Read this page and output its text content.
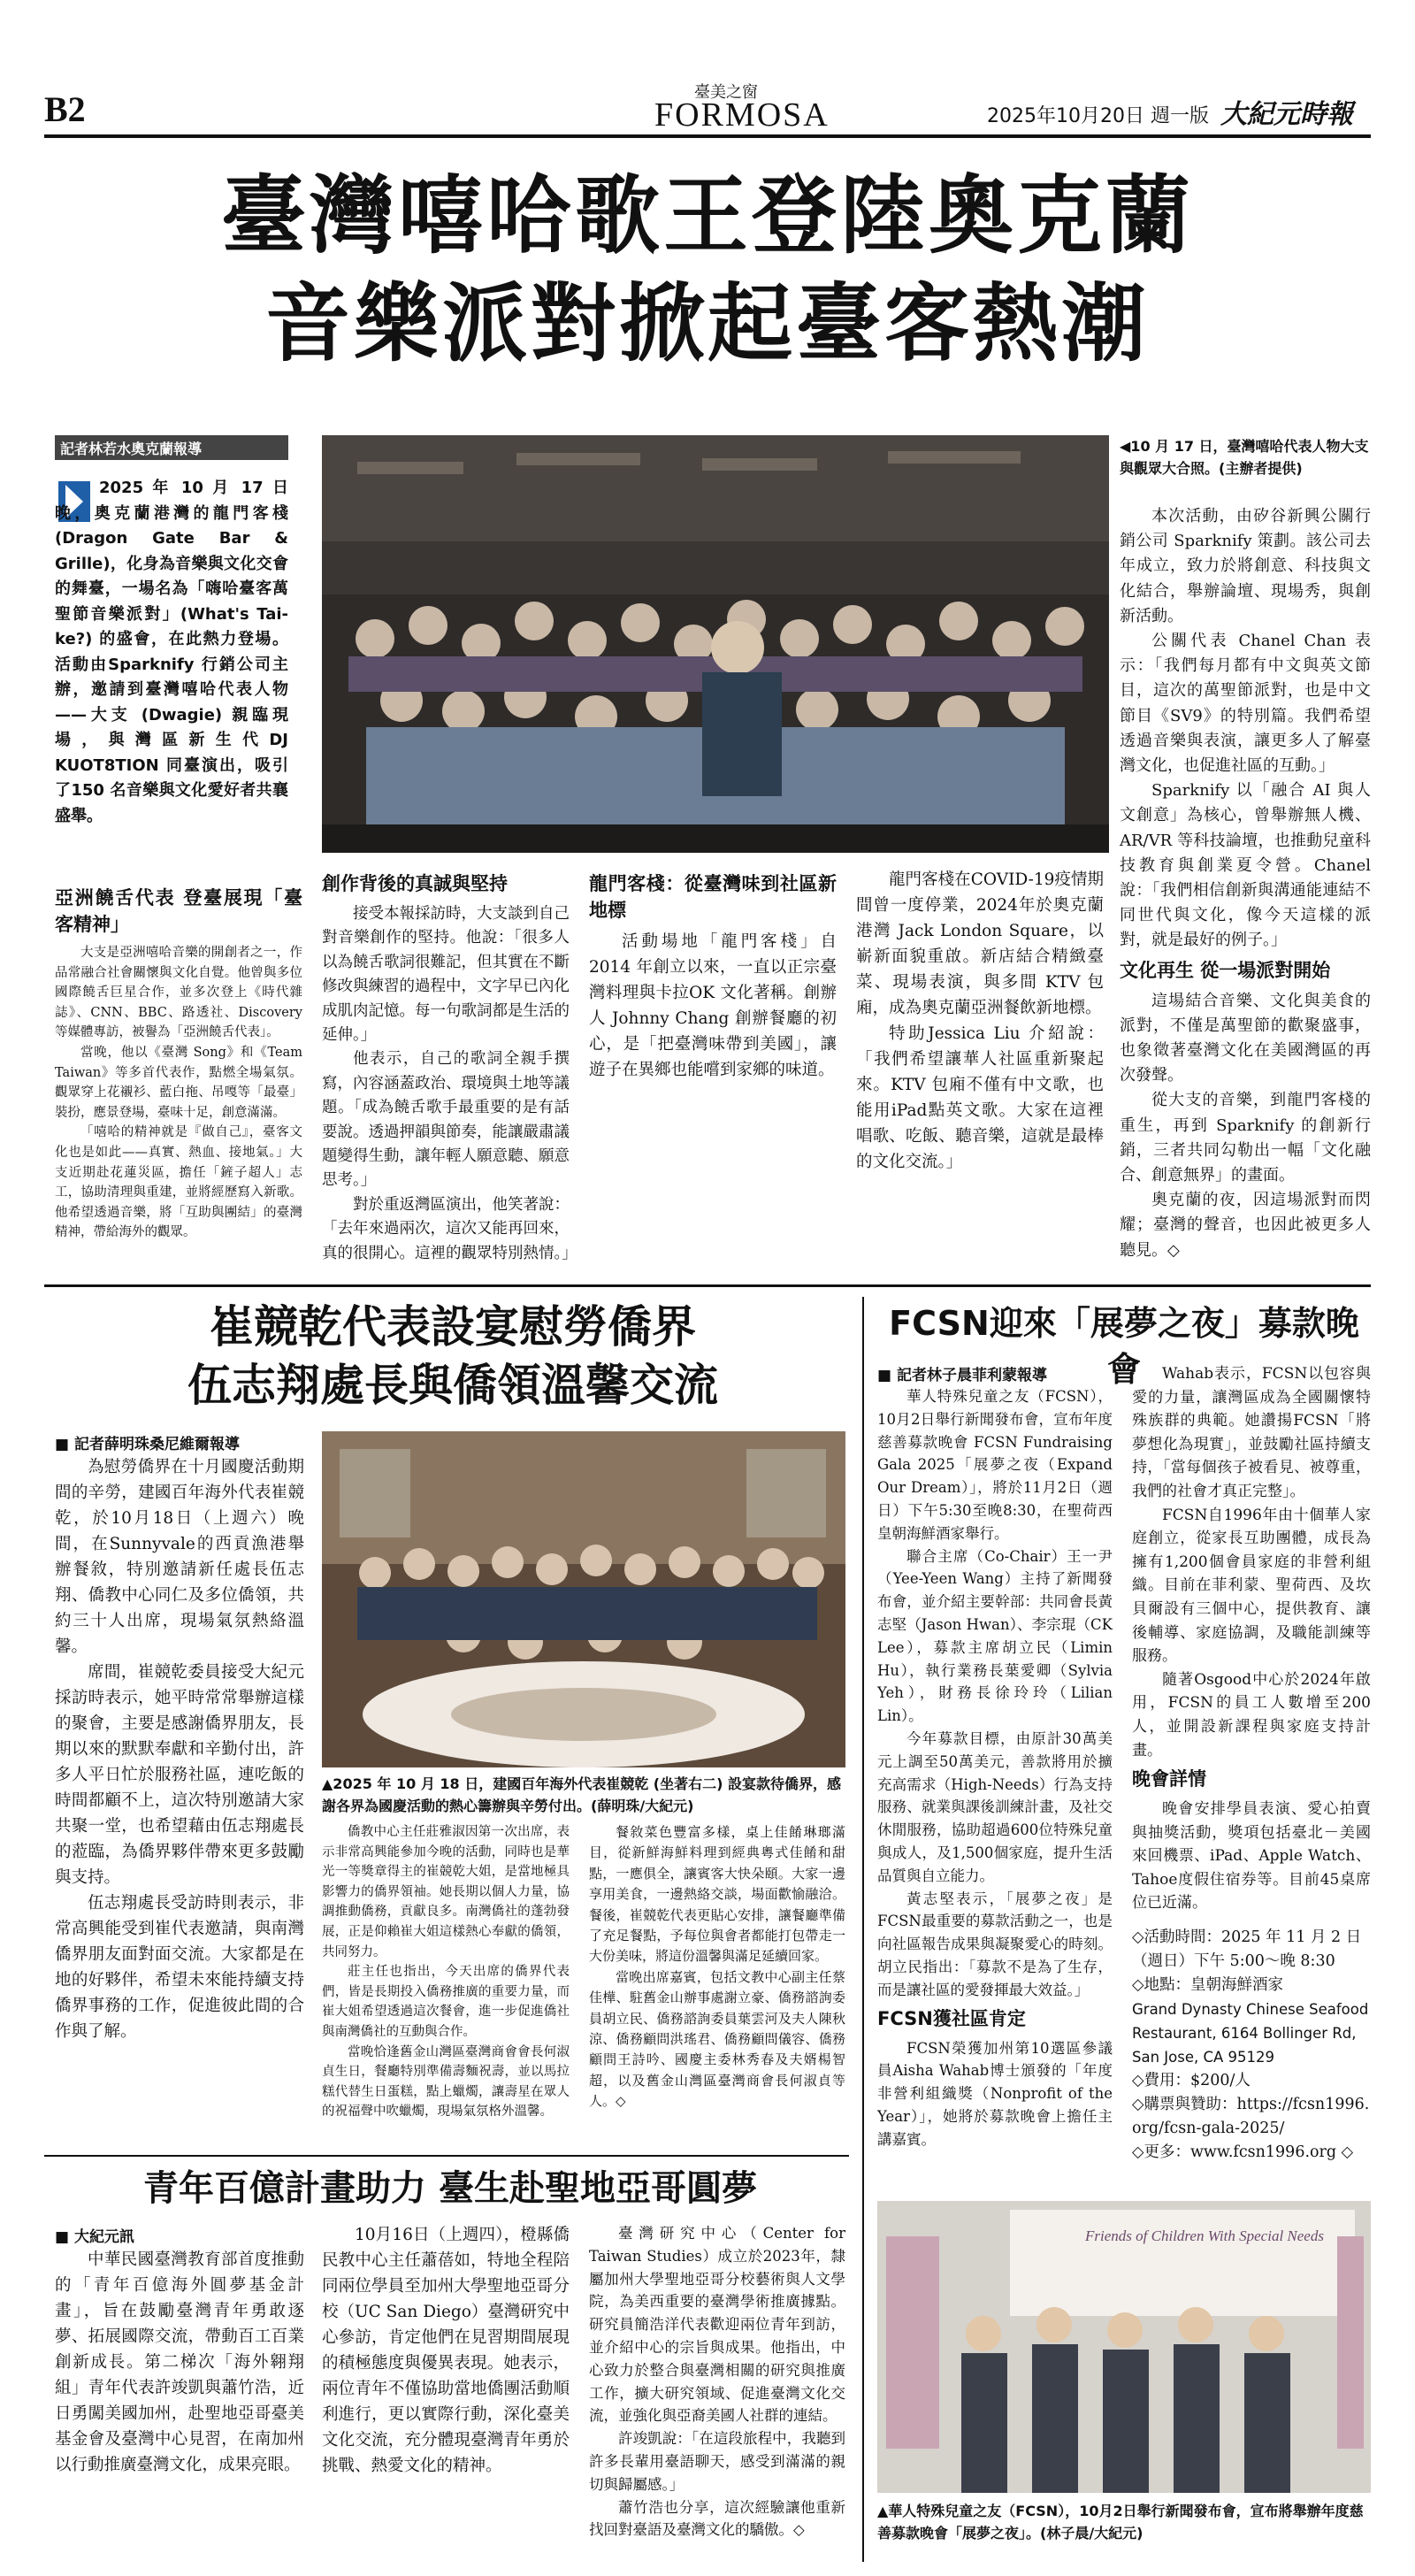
B2	臺美之窗
FORMOSA	2025年10月20日 週一版 大紀元時報
臺灣嘻哈歌王登陸奧克蘭
音樂派對掀起臺客熱潮
記者林若水奧克蘭報導
2025 年 10 月 17 日晚，奧克蘭港灣的龍門客棧 (Dragon Gate Bar & Grille)，化身為音樂與文化交會的舞臺，一場名為「嗨哈臺客萬聖節音樂派對」(What's Tai-ke?) 的盛會，在此熱力登場。活動由Sparknify 行銷公司主辦，邀請到臺灣嘻哈代表人物——大支 (Dwagie) 親臨現場，與灣區新生代DJ KUOT8TION 同臺演出，吸引了150 名音樂與文化愛好者共襄盛舉。
◀10 月 17 日，臺灣嘻哈代表人物大支與觀眾大合照。(主辦者提供)

本次活動，由矽谷新興公關行銷公司 Sparknify 策劃。該公司去年成立，致力於將創意、科技與文化結合，舉辦論壇、現場秀，與創新活動。

公關代表 Chanel Chan 表示：「我們每月都有中文與英文節目，這次的萬聖節派對，也是中文節目《SV9》的特別篇。我們希望透過音樂與表演，讓更多人了解臺灣文化，也促進社區的互動。」

Sparknify 以「融合 AI 與人文創意」為核心，曾舉辦無人機、AR/VR 等科技論壇，也推動兒童科技教育與創業夏令營。Chanel 說：「我們相信創新與溝通能連結不同世代與文化，像今天這樣的派對，就是最好的例子。」

文化再生 從一場派對開始

這場結合音樂、文化與美食的派對，不僅是萬聖節的歡聚盛事，也象徵著臺灣文化在美國灣區的再次發聲。

從大支的音樂，到龍門客棧的重生，再到 Sparknify 的創新行銷，三者共同勾勒出一幅「文化融合、創意無界」的畫面。

奧克蘭的夜，因這場派對而閃耀；臺灣的聲音，也因此被更多人聽見。◇

亞洲饒舌代表 登臺展現「臺客精神」

大支是亞洲嘻哈音樂的開創者之一，作品常融合社會關懷與文化自覺。他曾與多位國際饒舌巨星合作，並多次登上《時代雜誌》、CNN、BBC、路透社、Discovery 等媒體專訪，被譽為「亞洲饒舌代表」。

當晚，他以《臺灣 Song》和《Team Taiwan》等多首代表作，點燃全場氣氛。觀眾穿上花襯衫、藍白拖、吊嘎等「最臺」裝扮，應景登場，臺味十足，創意滿滿。

「嘻哈的精神就是『做自己』，臺客文化也是如此——真實、熱血、接地氣。」大支近期赴花蓮災區，擔任「鏟子超人」志工，協助清理與重建，並將經歷寫入新歌。他希望透過音樂，將「互助與團結」的臺灣精神，帶給海外的觀眾。

創作背後的真誠與堅持

接受本報採訪時，大支談到自己對音樂創作的堅持。他說：「很多人以為饒舌歌詞很難記，但其實在不斷修改與練習的過程中，文字早已內化成肌肉記憶。每一句歌詞都是生活的延伸。」

他表示，自己的歌詞全親手撰寫，內容涵蓋政治、環境與土地等議題。「成為饒舌歌手最重要的是有話要說。透過押韻與節奏，能讓嚴肅議題變得生動，讓年輕人願意聽、願意思考。」

對於重返灣區演出，他笑著說：「去年來過兩次，這次又能再回來，真的很開心。這裡的觀眾特別熱情。」

龍門客棧：從臺灣味到社區新地標

活動場地「龍門客棧」自2014 年創立以來，一直以正宗臺灣料理與卡拉OK 文化著稱。創辦人 Johnny Chang 創辦餐廳的初心，是「把臺灣味帶到美國」，讓遊子在異鄉也能嚐到家鄉的味道。

龍門客棧在COVID-19疫情期間曾一度停業，2024年於奧克蘭港灣 Jack London Square，以嶄新面貌重啟。新店結合精緻臺菜、現場表演，與多間 KTV 包廂，成為奧克蘭亞洲餐飲新地標。

特助Jessica Liu 介紹說：「我們希望讓華人社區重新聚起來。KTV 包廂不僅有中文歌，也能用iPad點英文歌。大家在這裡唱歌、吃飯、聽音樂，這就是最棒的文化交流。」

崔競乾代表設宴慰勞僑界
伍志翔處長與僑領溫馨交流
■ 記者薛明珠桑尼維爾報導

為慰勞僑界在十月國慶活動期間的辛勞，建國百年海外代表崔競乾，於10月18日（上週六）晚間，在Sunnyvale的西貢漁港舉辦餐敘，特別邀請新任處長伍志翔、僑教中心同仁及多位僑領，共約三十人出席，現場氣氛熱絡溫馨。

席間，崔競乾委員接受大紀元採訪時表示，她平時常常舉辦這樣的聚會，主要是感謝僑界朋友，長期以來的默默奉獻和辛勤付出，許多人平日忙於服務社區，連吃飯的時間都顧不上，這次特別邀請大家共聚一堂，也希望藉由伍志翔處長的蒞臨，為僑界夥伴帶來更多鼓勵與支持。

伍志翔處長受訪時則表示，非常高興能受到崔代表邀請，與南灣僑界朋友面對面交流。大家都是在地的好夥伴，希望未來能持續支持僑界事務的工作，促進彼此間的合作與了解。

▲2025 年 10 月 18 日，建國百年海外代表崔競乾 (坐著右二) 設宴款待僑界，感謝各界為國慶活動的熱心籌辦與辛勞付出。(薛明珠/大紀元)

僑教中心主任莊雅淑因第一次出席，表示非常高興能參加今晚的活動，同時也是華光一等獎章得主的崔競乾大姐，是當地極具影響力的僑界領袖。她長期以個人力量，協調推動僑務，貢獻良多。南灣僑社的蓬勃發展，正是仰賴崔大姐這樣熱心奉獻的僑領，共同努力。

莊主任也指出，今天出席的僑界代表們，皆是長期投入僑務推廣的重要力量，而崔大姐希望透過這次餐會，進一步促進僑社與南灣僑社的互動與合作。

當晚恰逢舊金山灣區臺灣商會會長何淑貞生日，餐廳特別準備壽麵祝壽，並以馬拉糕代替生日蛋糕，點上蠟燭，讓壽星在眾人的祝福聲中吹蠟燭，現場氣氛格外溫馨。

餐敘菜色豐富多樣，桌上佳餚琳瑯滿目，從新鮮海鮮料理到經典粵式佳餚和甜點，一應俱全，讓賓客大快朵頤。大家一邊享用美食，一邊熱絡交談，場面歡愉融洽。餐後，崔競乾代表更貼心安排，讓餐廳準備了充足餐點，予每位與會者都能打包帶走一大份美味，將這份溫馨與滿足延續回家。

當晚出席嘉賓，包括文教中心副主任蔡佳樺、駐舊金山辦事處謝立豪、僑務諮詢委員胡立民、僑務諮詢委員葉雲河及夫人陳秋涼、僑務顧問洪瑤君、僑務顧問儀容、僑務顧問王詩吟、國慶主委林秀春及夫婿楊智超，以及舊金山灣區臺灣商會長何淑貞等人。◇

FCSN迎來「展夢之夜」募款晚會
■ 記者林子晨菲利蒙報導

華人特殊兒童之友（FCSN），10月2日舉行新聞發布會，宣布年度慈善募款晚會 FCSN Fundraising Gala 2025「展夢之夜（Expand Our Dream）」，將於11月2日（週日）下午5:30至晚8:30，在聖荷西皇朝海鮮酒家舉行。

聯合主席（Co-Chair）王一尹（Yee-Yeen Wang）主持了新聞發布會，並介紹主要幹部：共同會長黃志堅（Jason Hwan）、李宗琨（CK Lee），募款主席胡立民（Limin Hu），執行業務長葉愛卿（Sylvia Yeh），財務長徐玲玲（Lilian Lin）。

今年募款目標，由原計30萬美元上調至50萬美元，善款將用於擴充高需求（High-Needs）行為支持服務、就業與課後訓練計畫，及社交休閒服務，協助超過600位特殊兒童與成人，及1,500個家庭，提升生活品質與自立能力。

黃志堅表示，「展夢之夜」是FCSN最重要的募款活動之一，也是向社區報告成果與凝聚愛心的時刻。胡立民指出：「募款不是為了生存，而是讓社區的愛發揮最大效益。」

FCSN獲社區肯定

FCSN榮獲加州第10選區參議員Aisha Wahab博士頒發的「年度非營利組織獎（Nonprofit of the Year）」，她將於募款晚會上擔任主講嘉賓。

Wahab表示，FCSN以包容與愛的力量，讓灣區成為全國關懷特殊族群的典範。她讚揚FCSN「將夢想化為現實」，並鼓勵社區持續支持，「當每個孩子被看見、被尊重，我們的社會才真正完整」。

FCSN自1996年由十個華人家庭創立，從家長互助團體，成長為擁有1,200個會員家庭的非營利組織。目前在菲利蒙、聖荷西、及坎貝爾設有三個中心，提供教育、讓後輔導、家庭協調，及職能訓練等服務。

隨著Osgood中心於2024年啟用，FCSN的員工人數增至200人，並開設新課程與家庭支持計畫。

晚會詳情

晚會安排學員表演、愛心拍賣與抽獎活動，獎項包括臺北－美國來回機票、iPad、Apple Watch、Tahoe度假住宿券等。目前45桌席位已近滿。

◇活動時間：2025 年 11 月 2 日（週日）下午 5:00～晚 8:30
◇地點：皇朝海鮮酒家
Grand Dynasty Chinese Seafood Restaurant, 6164 Bollinger Rd, San Jose, CA 95129
◇費用：$200/人
◇購票與贊助：https://fcsn1996.org/fcsn-gala-2025/
◇更多：www.fcsn1996.org ◇
Friends of Children With Special Needs
▲華人特殊兒童之友（FCSN），10月2日舉行新聞發布會，宣布將舉辦年度慈善募款晚會「展夢之夜」。(林子晨/大紀元)
青年百億計畫助力 臺生赴聖地亞哥圓夢
■ 大紀元訊

中華民國臺灣教育部首度推動的「青年百億海外圓夢基金計畫」，旨在鼓勵臺灣青年勇敢逐夢、拓展國際交流，帶動百工百業創新成長。第二梯次「海外翱翔組」青年代表許竣凱與蕭竹浩，近日勇闖美國加州，赴聖地亞哥臺美基金會及臺灣中心見習，在南加州以行動推廣臺灣文化，成果亮眼。

10月16日（上週四），橙縣僑民教中心主任蕭蓓如，特地全程陪同兩位學員至加州大學聖地亞哥分校（UC San Diego）臺灣研究中心參訪，肯定他們在見習期間展現的積極態度與優異表現。她表示，兩位青年不僅協助當地僑團活動順利進行，更以實際行動，深化臺美文化交流，充分體現臺灣青年勇於挑戰、熱愛文化的精神。

臺灣研究中心（Center for Taiwan Studies）成立於2023年，隸屬加州大學聖地亞哥分校藝術與人文學院，為美西重要的臺灣學術推廣據點。研究員簡浩洋代表歡迎兩位青年到訪，並介紹中心的宗旨與成果。他指出，中心致力於整合與臺灣相關的研究與推廣工作，擴大研究領域、促進臺灣文化交流，並強化與亞裔美國人社群的連結。

許竣凱說：「在這段旅程中，我聽到許多長輩用臺語聊天，感受到滿滿的親切與歸屬感。」

蕭竹浩也分享，這次經驗讓他重新找回對臺語及臺灣文化的驕傲。◇
